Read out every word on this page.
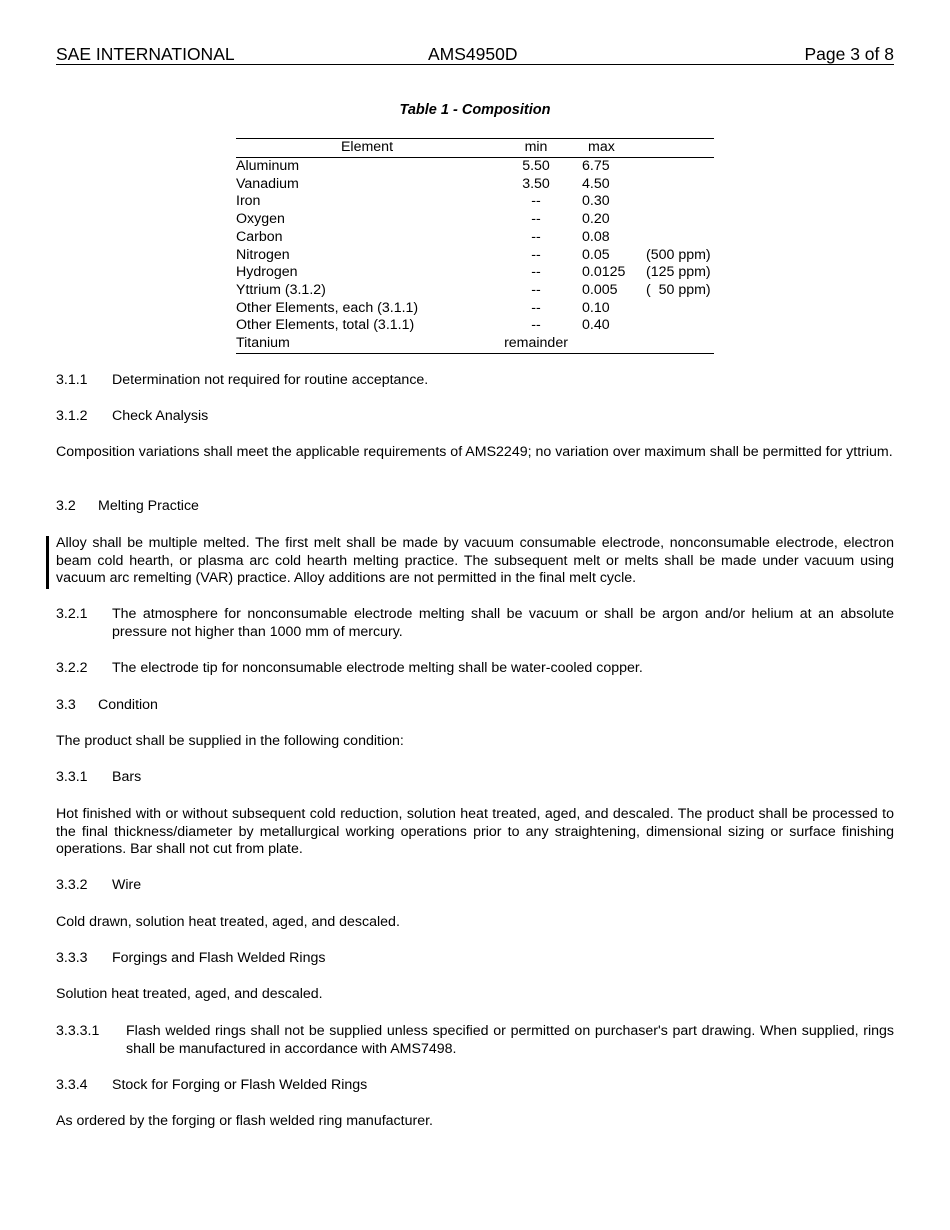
SAE INTERNATIONAL	AMS4950D	Page 3 of 8
Table 1 - Composition
Element	min	max	
Aluminum	5.50	6.75	
Vanadium	3.50	4.50	
Iron	--	0.30	
Oxygen	--	0.20	
Carbon	--	0.08	
Nitrogen	--	0.05	(500 ppm)
Hydrogen	--	0.0125	(125 ppm)
Yttrium (3.1.2)	--	0.005	(  50 ppm)
Other Elements, each (3.1.1)	--	0.10	
Other Elements, total (3.1.1)	--	0.40	
Titanium	remainder		
3.1.1 Determination not required for routine acceptance.
3.1.2 Check Analysis

Composition variations shall meet the applicable requirements of AMS2249; no variation over maximum shall be permitted for yttrium.

3.2 Melting Practice

Alloy shall be multiple melted. The first melt shall be made by vacuum consumable electrode, nonconsumable electrode, electron beam cold hearth, or plasma arc cold hearth melting practice. The subsequent melt or melts shall be made under vacuum using vacuum arc remelting (VAR) practice. Alloy additions are not permitted in the final melt cycle.

3.2.1 The atmosphere for nonconsumable electrode melting shall be vacuum or shall be argon and/or helium at an absolute pressure not higher than 1000 mm of mercury.
3.2.2 The electrode tip for nonconsumable electrode melting shall be water-cooled copper.
3.3 Condition

The product shall be supplied in the following condition:

3.3.1 Bars

Hot finished with or without subsequent cold reduction, solution heat treated, aged, and descaled. The product shall be processed to the final thickness/diameter by metallurgical working operations prior to any straightening, dimensional sizing or surface finishing operations. Bar shall not cut from plate.

3.3.2 Wire

Cold drawn, solution heat treated, aged, and descaled.

3.3.3 Forgings and Flash Welded Rings

Solution heat treated, aged, and descaled.

3.3.3.1 Flash welded rings shall not be supplied unless specified or permitted on purchaser's part drawing. When supplied, rings shall be manufactured in accordance with AMS7498.
3.3.4 Stock for Forging or Flash Welded Rings

As ordered by the forging or flash welded ring manufacturer.
